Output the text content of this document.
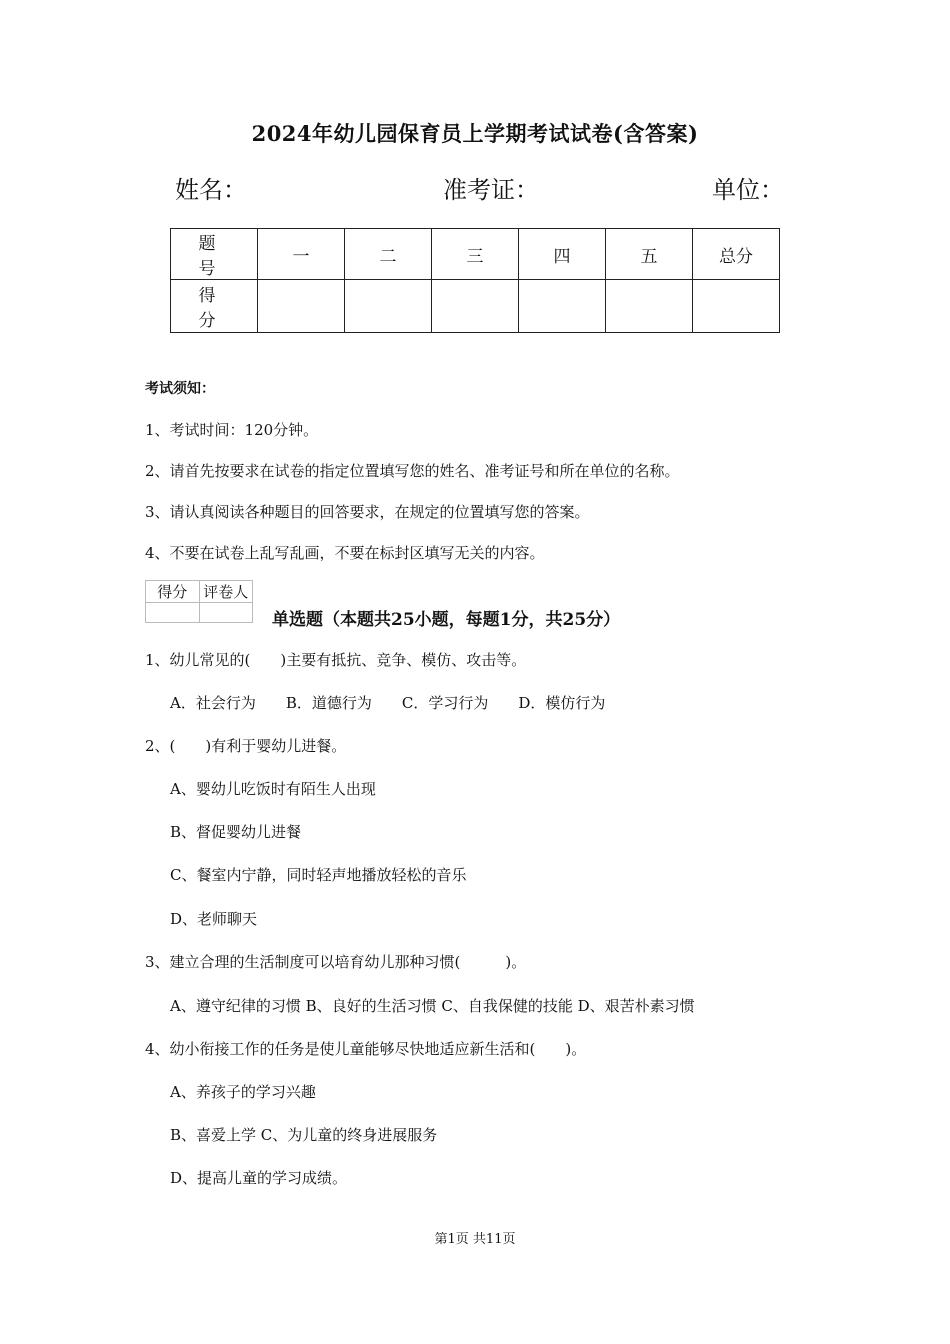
2024年幼儿园保育员上学期考试试卷(含答案)
姓名：	准考证：	单位：
题　号	一	二	三	四	五	总分
得　分						
考试须知：
1、考试时间：120分钟。
2、请首先按要求在试卷的指定位置填写您的姓名、准考证号和所在单位的名称。
3、请认真阅读各种题目的回答要求，在规定的位置填写您的答案。
4、不要在试卷上乱写乱画，不要在标封区填写无关的内容。
得分	评卷人

单选题（本题共25小题，每题1分，共25分）
1、幼儿常见的(　　)主要有抵抗、竞争、模仿、攻击等。
A．社会行为　　B．道德行为　　C．学习行为　　D．模仿行为
2、(　　)有利于婴幼儿进餐。
A、婴幼儿吃饭时有陌生人出现
B、督促婴幼儿进餐
C、餐室内宁静，同时轻声地播放轻松的音乐
D、老师聊天
3、建立合理的生活制度可以培育幼儿那种习惯(　　　)。
A、遵守纪律的习惯 B、良好的生活习惯 C、自我保健的技能 D、艰苦朴素习惯
4、幼小衔接工作的任务是使儿童能够尽快地适应新生活和(　　)。
A、养孩子的学习兴趣
B、喜爱上学 C、为儿童的终身进展服务
D、提高儿童的学习成绩。
第1页 共11页
